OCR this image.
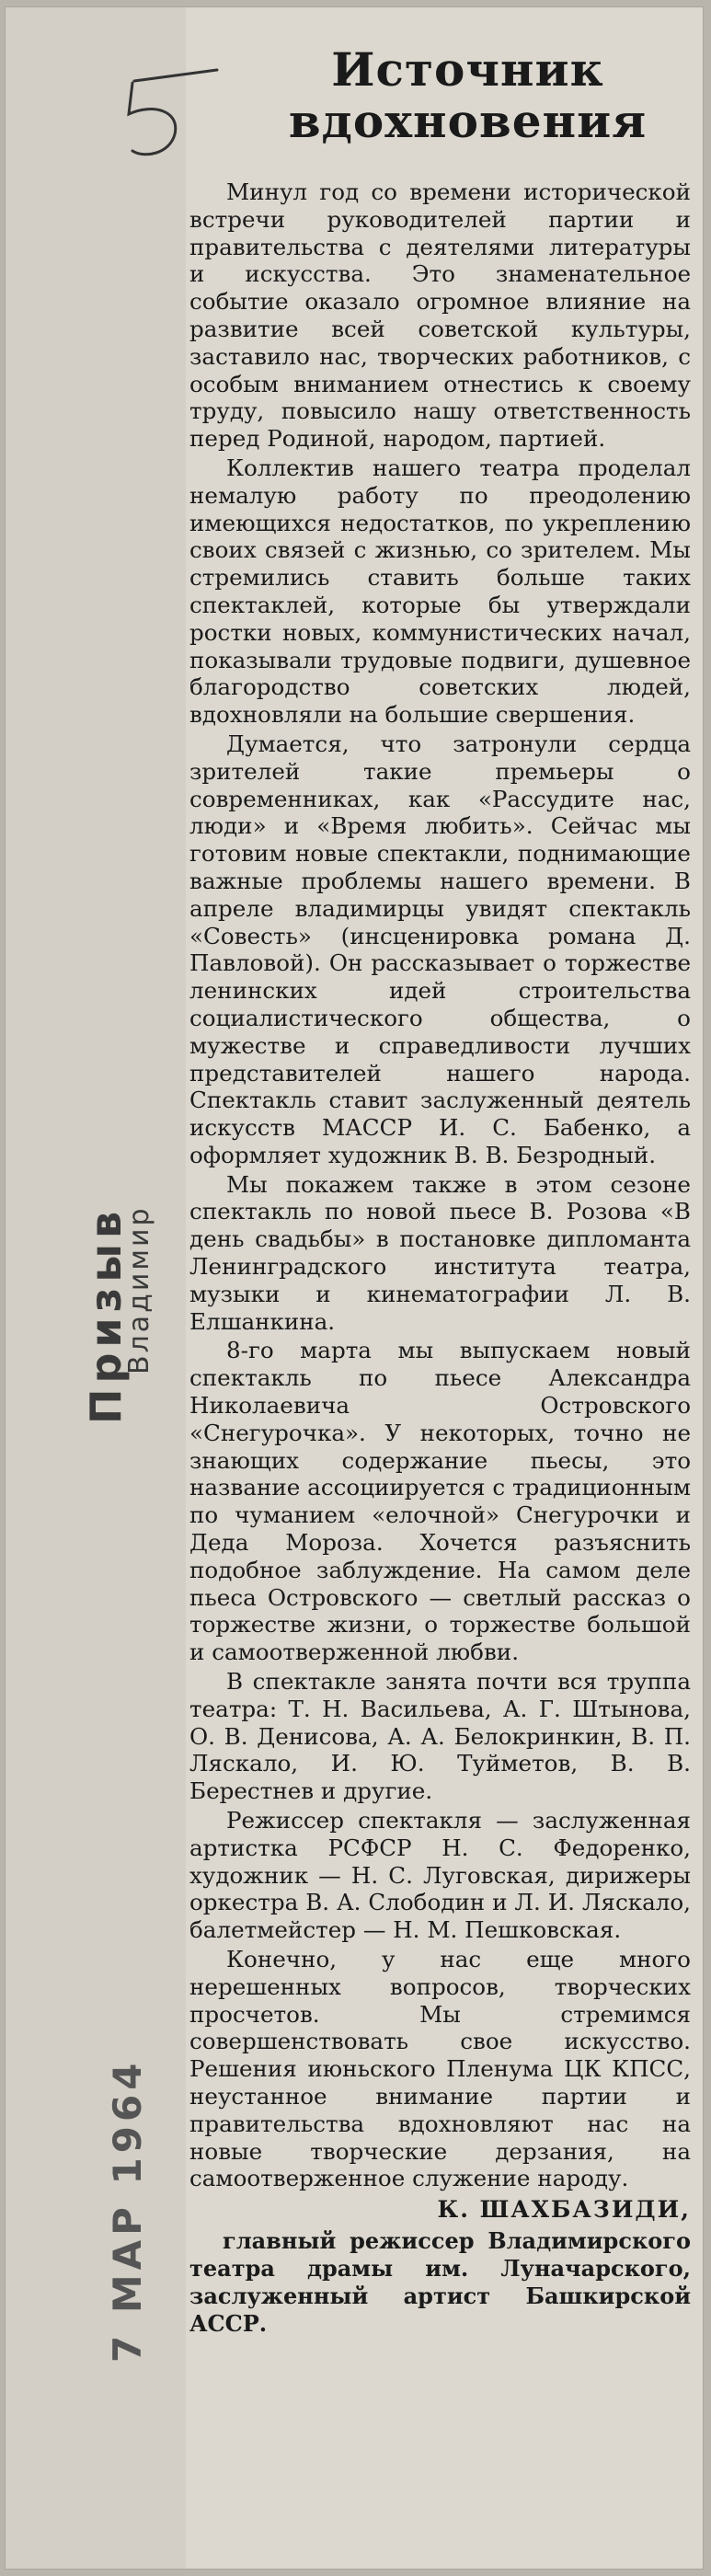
Призыв
Владимир
7 МАР 1964
Источник
вдохновения

Минул год со времени исторической встречи руководителей партии и правительства с деятелями литературы и искусства. Это знаменательное событие оказало огромное влияние на развитие всей советской культуры, заставило нас, творческих работников, с особым вниманием отнестись к своему труду, повысило нашу ответственность перед Родиной, народом, партией.

Коллектив нашего театра проделал немалую работу по преодолению имеющихся недостатков, по укреплению своих связей с жизнью, со зрителем. Мы стремились ставить больше таких спектаклей, которые бы утверждали ростки новых, коммунистических начал, показывали трудовые подвиги, душевное благородство советских людей, вдохновляли на большие свершения.

Думается, что затронули сердца зрителей такие премьеры о современниках, как «Рассудите нас, люди» и «Время любить». Сейчас мы готовим новые спектакли, поднимающие важные проблемы нашего времени. В апреле владимирцы увидят спектакль «Совесть» (инсценировка романа Д. Павловой). Он рассказывает о торжестве ленинских идей строительства социалистического общества, о мужестве и справедливости лучших представителей нашего народа. Спектакль ставит заслуженный деятель искусств МАССР И. С. Бабенко, а оформляет художник В. В. Безродный.

Мы покажем также в этом сезоне спектакль по новой пьесе В. Розова «В день свадьбы» в постановке дипломанта Ленинградского института театра, музыки и кинематографии Л. В. Елшанкина.

8-го марта мы выпускаем новый спектакль по пьесе Александра Николаевича Островского «Снегурочка». У некоторых, точно не знающих содержание пьесы, это название ассоциируется с традиционным по чуманием «елочной» Снегурочки и Деда Мороза. Хочется разъяснить подобное заблуждение. На самом деле пьеса Островского — светлый рассказ о торжестве жизни, о торжестве большой и самоотверженной любви.

В спектакле занята почти вся труппа театра: Т. Н. Васильева, А. Г. Штынова, О. В. Денисова, А. А. Белокринкин, В. П. Ляскало, И. Ю. Туйметов, В. В. Берестнев и другие.

Режиссер спектакля — заслуженная артистка РСФСР Н. С. Федоренко, художник — Н. С. Луговская, дирижеры оркестра В. А. Слободин и Л. И. Ляскало, балетмейстер — Н. М. Пешковская.

Конечно, у нас еще много нерешенных вопросов, творческих просчетов. Мы стремимся совершенствовать свое искусство. Решения июньского Пленума ЦК КПСС, неустанное внимание партии и правительства вдохновляют нас на новые творческие дерзания, на самоотверженное служение народу.

К. ШАХБАЗИДИ,
главный режиссер Владимирского театра драмы им. Луначарского, заслуженный артист Башкирской АССР.
